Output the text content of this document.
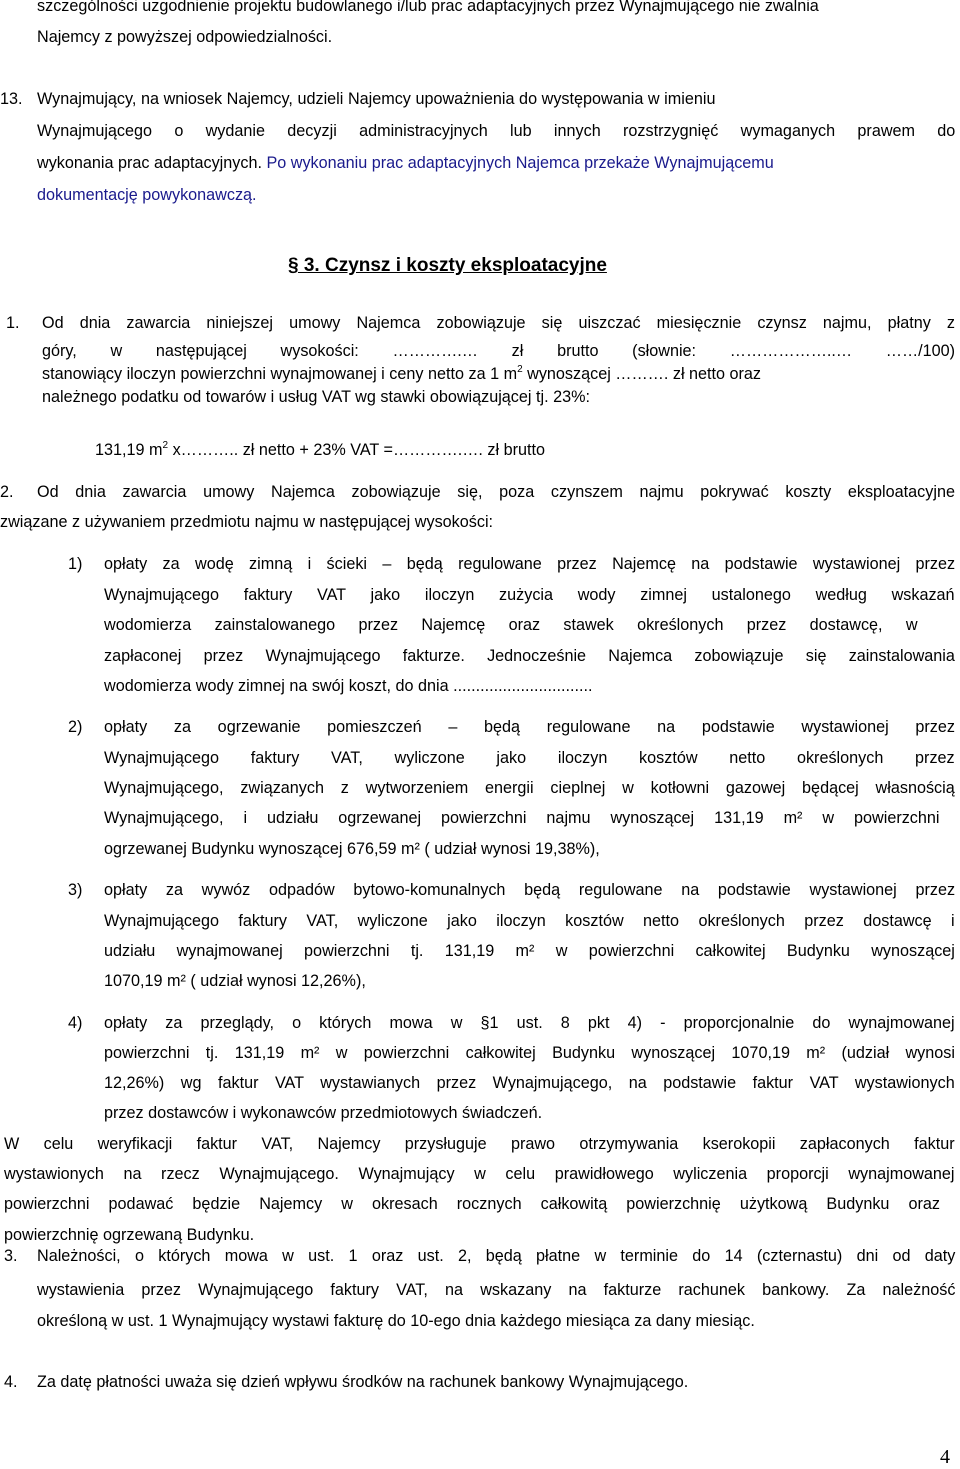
szczególności uzgodnienie projektu budowlanego i/lub prac adaptacyjnych przez Wynajmującego nie zwalnia
Najemcy z powyższej odpowiedzialności.
13. Wynajmujący, na wniosek Najemcy, udzieli Najemcy upoważnienia do występowania w imieniu
Wynajmującego o wydanie decyzji administracyjnych lub innych rozstrzygnięć wymaganych prawem do
wykonania prac adaptacyjnych. Po wykonaniu prac adaptacyjnych Najemca przekaże Wynajmującemu
dokumentację powykonawczą.
§ 3. Czynsz i koszty eksploatacyjne
1. Od dnia zawarcia niniejszej umowy Najemca zobowiązuje się uiszczać miesięcznie czynsz najmu, płatny z
góry, w następującej wysokości: ………….… zł brutto (słownie: ………………..… ……/100)
stanowiący iloczyn powierzchni wynajmowanej i ceny netto za 1 $m^2$ wynoszącej ………. zł netto oraz
należnego podatku od towarów i usług VAT wg stawki obowiązującej tj. 23%:
131,19 $m^2$ x……….. zł netto + 23% VAT =………….…. zł brutto
2. Od dnia zawarcia umowy Najemca zobowiązuje się, poza czynszem najmu pokrywać koszty eksploatacyjne
związane z używaniem przedmiotu najmu w następującej wysokości:
1) opłaty za wodę zimną i ścieki – będą regulowane przez Najemcę na podstawie wystawionej przez
Wynajmującego faktury VAT jako iloczyn zużycia wody zimnej ustalonego według wskazań
wodomierza zainstalowanego przez Najemcę oraz stawek określonych przez dostawcę, w
zapłaconej przez Wynajmującego fakturze. Jednocześnie Najemca zobowiązuje się zainstalowania
wodomierza wody zimnej na swój koszt, do dnia ...............................
2) opłaty za ogrzewanie pomieszczeń – będą regulowane na podstawie wystawionej przez
Wynajmującego faktury VAT, wyliczone jako iloczyn kosztów netto określonych przez
Wynajmującego, związanych z wytworzeniem energii cieplnej w kotłowni gazowej będącej własnością
Wynajmującego, i udziału ogrzewanej powierzchni najmu wynoszącej 131,19 m² w powierzchni
ogrzewanej Budynku wynoszącej 676,59 m² ( udział wynosi 19,38%),
3) opłaty za wywóz odpadów bytowo-komunalnych będą regulowane na podstawie wystawionej przez
Wynajmującego faktury VAT, wyliczone jako iloczyn kosztów netto określonych przez dostawcę i
udziału wynajmowanej powierzchni tj. 131,19 m² w powierzchni całkowitej Budynku wynoszącej
1070,19 m² ( udział wynosi 12,26%),
4) opłaty za przeglądy, o których mowa w §1 ust. 8 pkt 4) - proporcjonalnie do wynajmowanej
powierzchni tj. 131,19 m² w powierzchni całkowitej Budynku wynoszącej 1070,19 m² (udział wynosi
12,26%) wg faktur VAT wystawianych przez Wynajmującego, na podstawie faktur VAT wystawionych
przez dostawców i wykonawców przedmiotowych świadczeń.
W celu weryfikacji faktur VAT, Najemcy przysługuje prawo otrzymywania kserokopii zapłaconych faktur
wystawionych na rzecz Wynajmującego. Wynajmujący w celu prawidłowego wyliczenia proporcji wynajmowanej
powierzchni podawać będzie Najemcy w okresach rocznych całkowitą powierzchnię użytkową Budynku oraz
powierzchnię ogrzewaną Budynku.
3. Należności, o których mowa w ust. 1 oraz ust. 2, będą płatne w terminie do 14 (czternastu) dni od daty
wystawienia przez Wynajmującego faktury VAT, na wskazany na fakturze rachunek bankowy. Za należność
określoną w ust. 1 Wynajmujący wystawi fakturę do 10-ego dnia każdego miesiąca za dany miesiąc.
4. Za datę płatności uważa się dzień wpływu środków na rachunek bankowy Wynajmującego.
4
